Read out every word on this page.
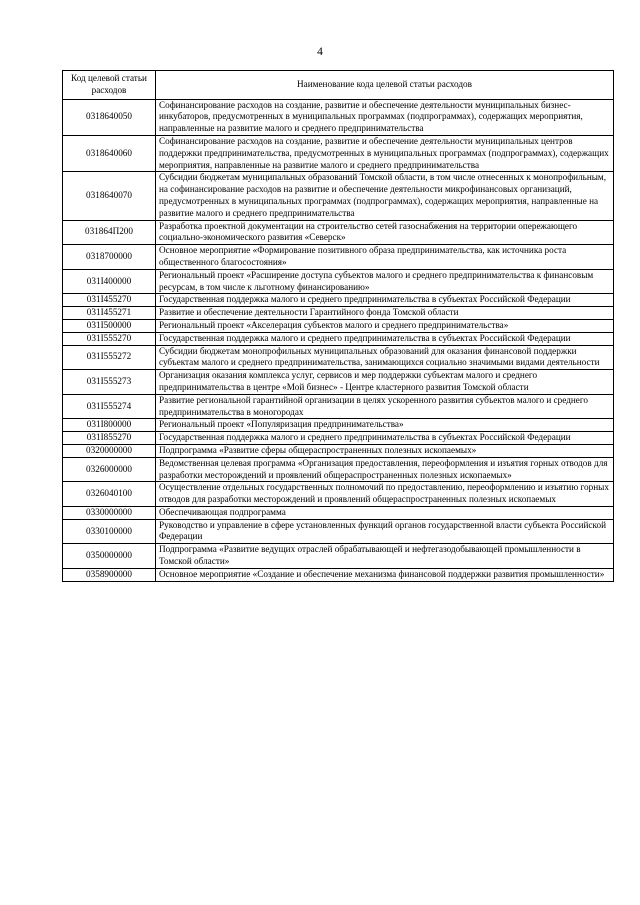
4
Код целевой статьи расходов	Наименование кода целевой статьи расходов
0318640050	Софинансирование расходов на создание, развитие и обеспечение деятельности муниципальных бизнес-инкубаторов, предусмотренных в муниципальных программах (подпрограммах), содержащих мероприятия, направленные на развитие малого и среднего предпринимательства
0318640060	Софинансирование расходов на создание, развитие и обеспечение деятельности муниципальных центров поддержки предпринимательства, предусмотренных в муниципальных программах (подпрограммах), содержащих мероприятия, направленные на развитие малого и среднего предпринимательства
0318640070	Субсидии бюджетам муниципальных образований Томской области, в том числе отнесенных к монопрофильным, на софинансирование расходов на развитие и обеспечение деятельности микрофинансовых организаций, предусмотренных в муниципальных программах (подпрограммах), содержащих мероприятия, направленные на развитие малого и среднего предпринимательства
031864П200	Разработка проектной документации на строительство сетей газоснабжения на территории опережающего социально-экономического развития «Северск»
0318700000	Основное мероприятие «Формирование позитивного образа предпринимательства, как источника роста общественного благосостояния»
031I400000	Региональный проект «Расширение доступа субъектов малого и среднего предпринимательства к финансовым ресурсам, в том числе к льготному финансированию»
031I455270	Государственная поддержка малого и среднего предпринимательства в субъектах Российской Федерации
031I455271	Развитие и обеспечение деятельности Гарантийного фонда Томской области
031I500000	Региональный проект «Акселерация субъектов малого и среднего предпринимательства»
031I555270	Государственная поддержка малого и среднего предпринимательства в субъектах Российской Федерации
031I555272	Субсидии бюджетам монопрофильных муниципальных образований для оказания финансовой поддержки субъектам малого и среднего предпринимательства, занимающихся социально значимыми видами деятельности
031I555273	Организация оказания комплекса услуг, сервисов и мер поддержки субъектам малого и среднего предпринимательства в центре «Мой бизнес» - Центре кластерного развития Томской области
031I555274	Развитие региональной гарантийной организации в целях ускоренного развития субъектов малого и среднего предпринимательства в моногородах
031I800000	Региональный проект «Популяризация предпринимательства»
031I855270	Государственная поддержка малого и среднего предпринимательства в субъектах Российской Федерации
0320000000	Подпрограмма «Развитие сферы общераспространенных полезных ископаемых»
0326000000	Ведомственная целевая программа «Организация предоставления, переоформления и изъятия горных отводов для разработки месторождений и проявлений общераспространенных полезных ископаемых»
0326040100	Осуществление отдельных государственных полномочий по предоставлению, переоформлению и изъятию горных отводов для разработки месторождений и проявлений общераспространенных полезных ископаемых
0330000000	Обеспечивающая подпрограмма
0330100000	Руководство и управление в сфере установленных функций органов государственной власти субъекта Российской Федерации
0350000000	Подпрограмма «Развитие ведущих отраслей обрабатывающей и нефтегазодобывающей промышленности в Томской области»
0358900000	Основное мероприятие «Создание и обеспечение механизма финансовой поддержки развития промышленности»
